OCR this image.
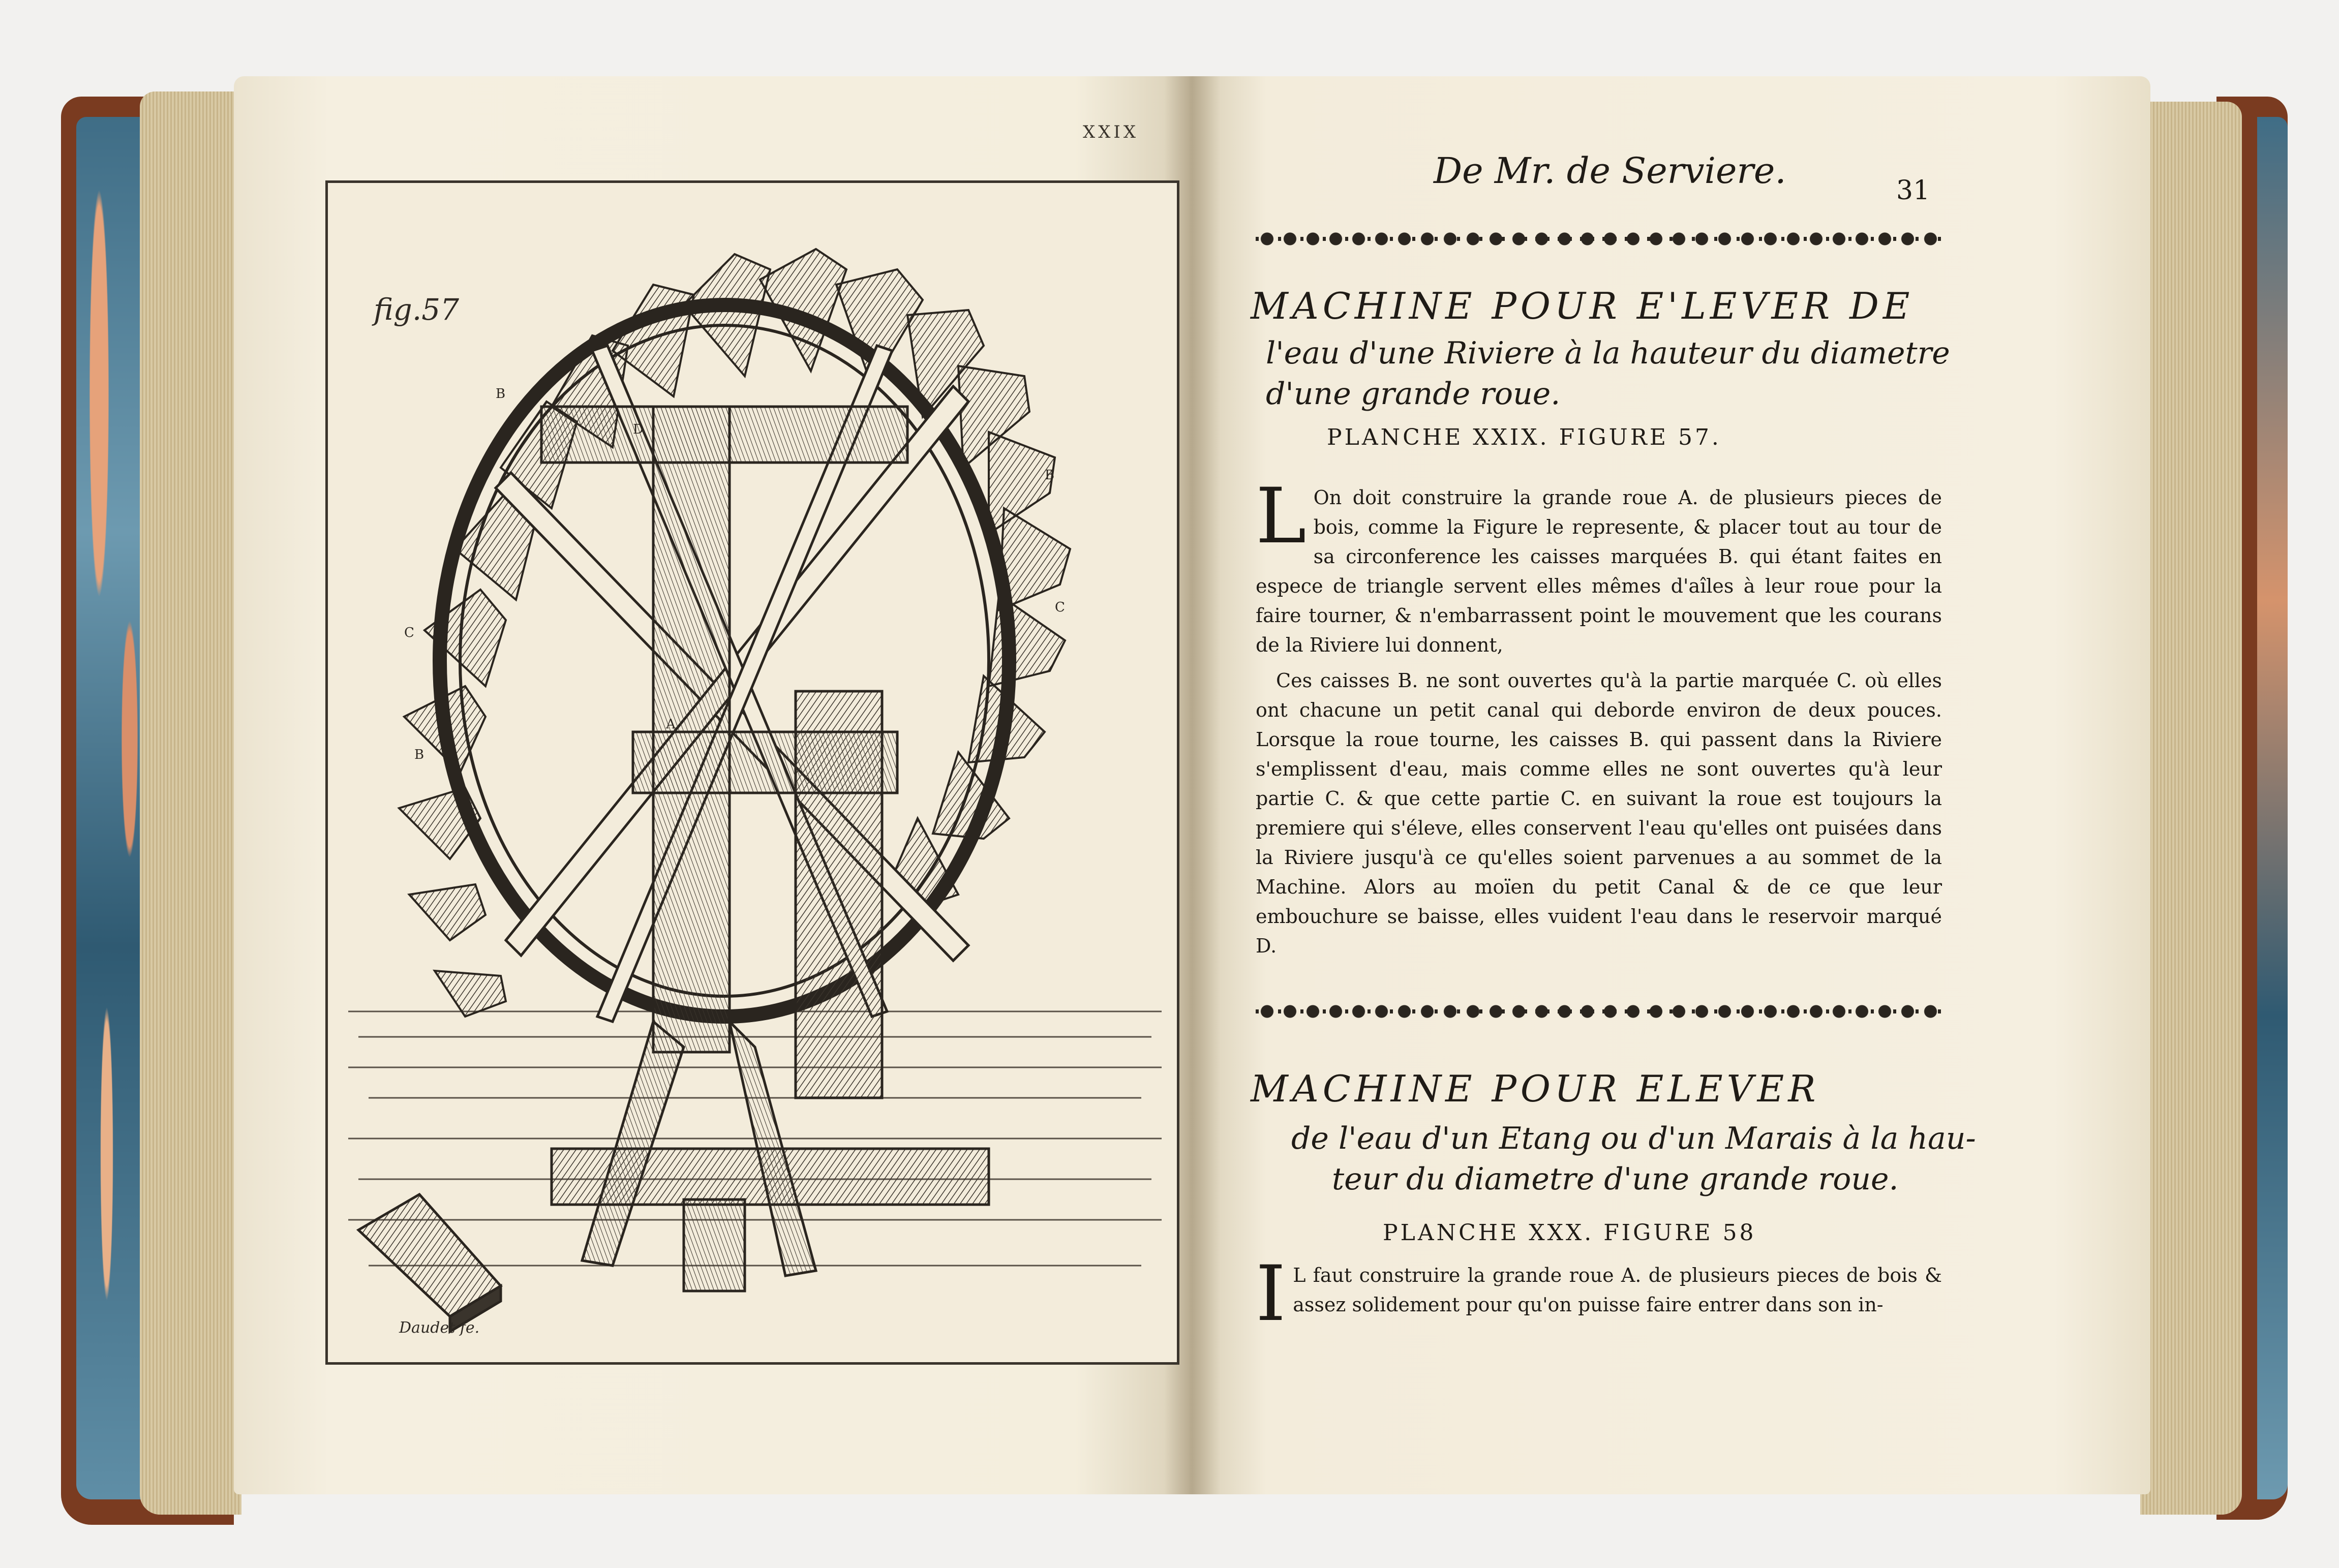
XXIX
fig.57
Daudet fe.
A
B
B
B
C
C
D
De Mr. de Serviere.	31
MACHINE POUR E'LEVER DE
l'eau d'une Riviere à la hauteur du diametre
d'une grande roue.
PLANCHE XXIX. FIGURE 57.
L On doit construire la grande roue A. de plusieurs pieces de bois, comme la Figure le represente, & placer tout au tour de sa circonference les caisses marquées B. qui étant faites en espece de triangle servent elles mêmes d'aîles à leur roue pour la faire tourner, & n'embarrassent point le mouvement que les courans de la Riviere lui donnent,
Ces caisses B. ne sont ouvertes qu'à la partie marquée C. où elles ont chacune un petit canal qui deborde environ de deux pouces. Lorsque la roue tourne, les caisses B. qui passent dans la Riviere s'emplissent d'eau, mais comme elles ne sont ouvertes qu'à leur partie C. & que cette partie C. en suivant la roue est toujours la premiere qui s'éleve, elles conservent l'eau qu'elles ont puisées dans la Riviere jusqu'à ce qu'elles soient parvenues a au sommet de la Machine. Alors au moïen du petit Canal & de ce que leur embouchure se baisse, elles vuident l'eau dans le reservoir marqué D.
MACHINE POUR ELEVER
de l'eau d'un Etang ou d'un Marais à la hau-
teur du diametre d'une grande roue.
PLANCHE XXX. FIGURE 58
I L faut construire la grande roue A. de plusieurs pieces de bois & assez solidement pour qu'on puisse faire entrer dans son in-
